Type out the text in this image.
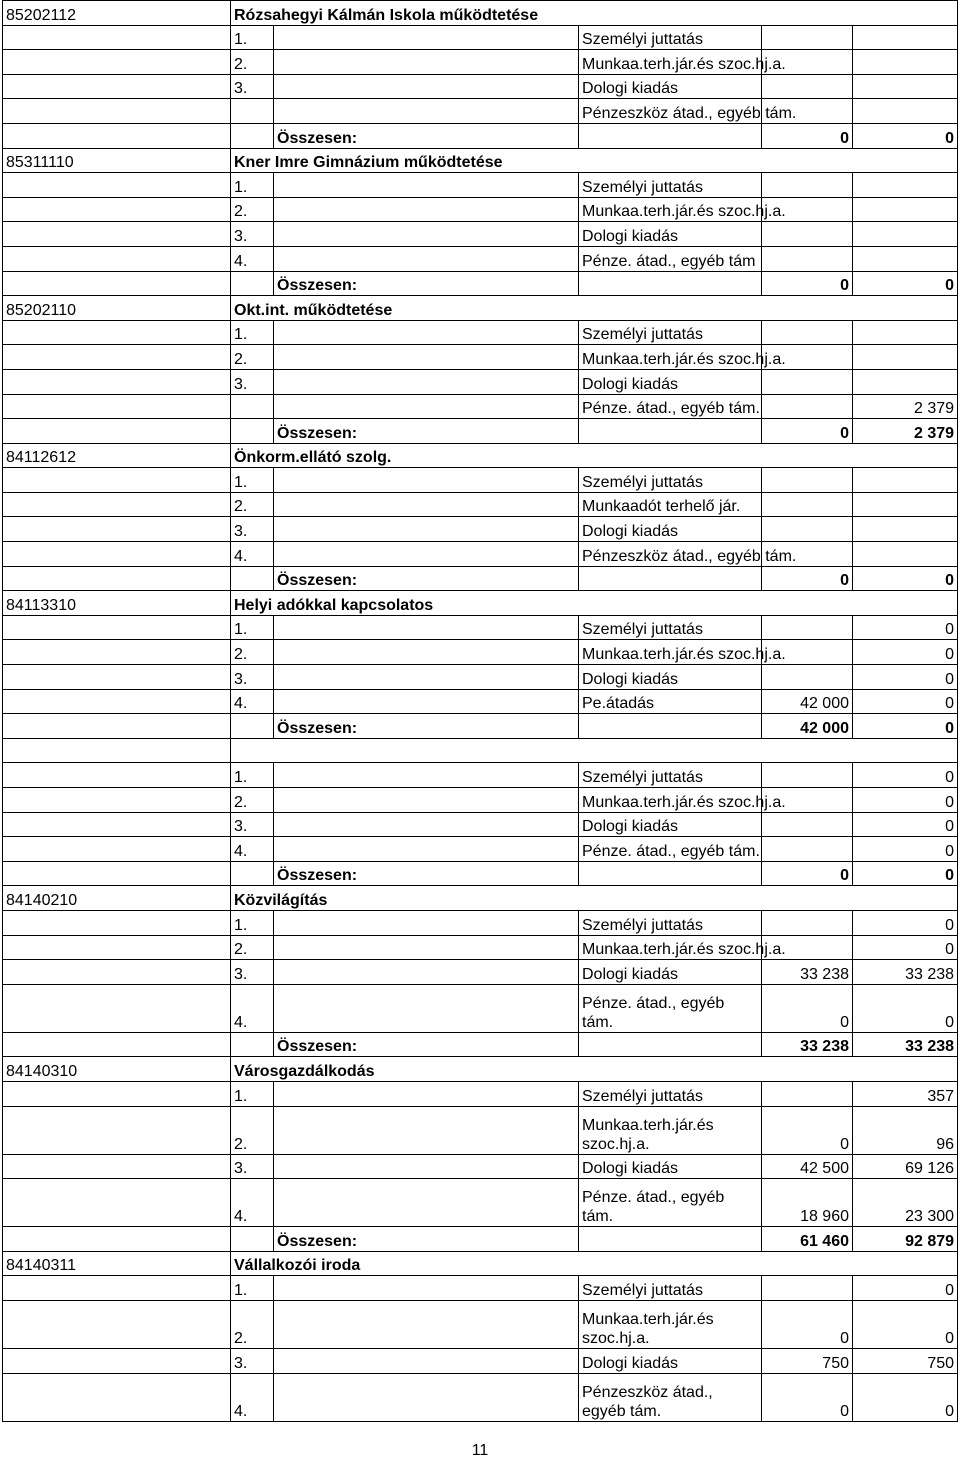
85202112	Rózsahegyi Kálmán Iskola működtetése				
	1.		Személyi juttatás		
	2.		Munkaa.terh.jár.és szoc.hj.a.		
	3.		Dologi kiadás		
			Pénzeszköz átad., egyéb tám.		
		Összesen:		0	0
85311110	Kner Imre Gimnázium működtetése				
	1.		Személyi juttatás		
	2.		Munkaa.terh.jár.és szoc.hj.a.		
	3.		Dologi kiadás		
	4.		Pénze. átad., egyéb tám		
		Összesen:		0	0
85202110	Okt.int. működtetése				
	1.		Személyi juttatás		
	2.		Munkaa.terh.jár.és szoc.hj.a.		
	3.		Dologi kiadás		
			Pénze. átad., egyéb tám.		2 379
		Összesen:		0	2 379
84112612	Önkorm.ellátó szolg.				
	1.		Személyi juttatás		
	2.		Munkaadót terhelő jár.		
	3.		Dologi kiadás		
	4.		Pénzeszköz átad., egyéb tám.		
		Összesen:		0	0
84113310	Helyi adókkal kapcsolatos				
	1.		Személyi juttatás		0
	2.		Munkaa.terh.jár.és szoc.hj.a.		0
	3.		Dologi kiadás		0
	4.		Pe.átadás	42 000	0
		Összesen:		42 000	0

	1.		Személyi juttatás		0
	2.		Munkaa.terh.jár.és szoc.hj.a.		0
	3.		Dologi kiadás		0
	4.		Pénze. átad., egyéb tám.		0
		Összesen:		0	0
84140210	Közvilágítás				
	1.		Személyi juttatás		0
	2.		Munkaa.terh.jár.és szoc.hj.a.		0
	3.		Dologi kiadás	33 238	33 238
	4.		Pénze. átad., egyéb tám.	0	0
		Összesen:		33 238	33 238
84140310	Városgazdálkodás				
	1.		Személyi juttatás		357
	2.		Munkaa.terh.jár.és szoc.hj.a.	0	96
	3.		Dologi kiadás	42 500	69 126
	4.		Pénze. átad., egyéb tám.	18 960	23 300
		Összesen:		61 460	92 879
84140311	Vállalkozói iroda				
	1.		Személyi juttatás		0
	2.		Munkaa.terh.jár.és szoc.hj.a.	0	0
	3.		Dologi kiadás	750	750
	4.		Pénzeszköz átad., egyéb tám.	0	0
11
